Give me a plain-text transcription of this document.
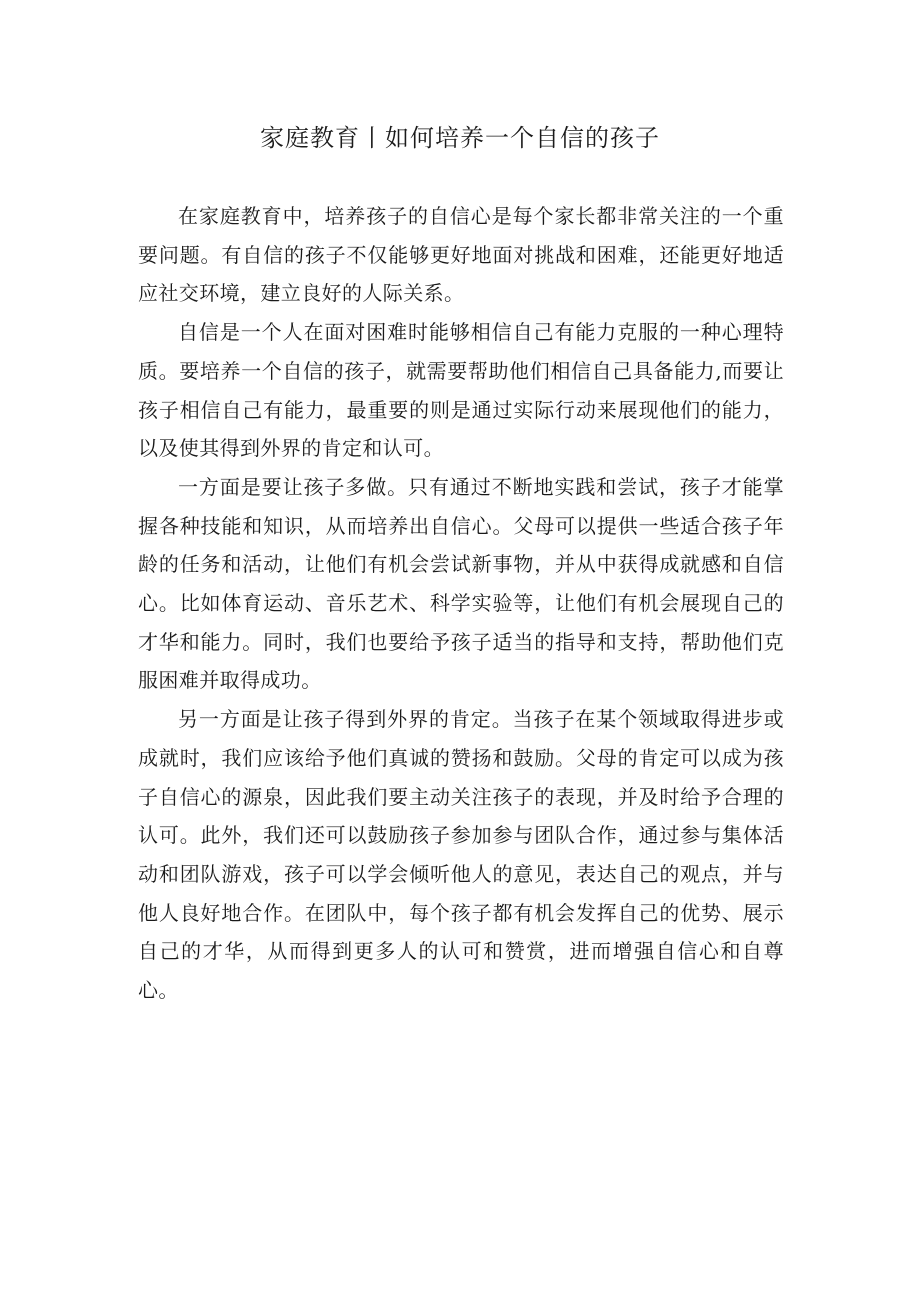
家庭教育丨如何培养一个自信的孩子

在家庭教育中，培养孩子的自信心是每个家长都非常关注的一个重要问题。有自信的孩子不仅能够更好地面对挑战和困难，还能更好地适应社交环境，建立良好的人际关系。

自信是一个人在面对困难时能够相信自己有能力克服的一种心理特质。要培养一个自信的孩子，就需要帮助他们相信自己具备能力,而要让孩子相信自己有能力，最重要的则是通过实际行动来展现他们的能力，以及使其得到外界的肯定和认可。

一方面是要让孩子多做。只有通过不断地实践和尝试，孩子才能掌握各种技能和知识，从而培养出自信心。父母可以提供一些适合孩子年龄的任务和活动，让他们有机会尝试新事物，并从中获得成就感和自信心。比如体育运动、音乐艺术、科学实验等，让他们有机会展现自己的才华和能力。同时，我们也要给予孩子适当的指导和支持，帮助他们克服困难并取得成功。

另一方面是让孩子得到外界的肯定。当孩子在某个领域取得进步或成就时，我们应该给予他们真诚的赞扬和鼓励。父母的肯定可以成为孩子自信心的源泉，因此我们要主动关注孩子的表现，并及时给予合理的认可。此外，我们还可以鼓励孩子参加参与团队合作，通过参与集体活动和团队游戏，孩子可以学会倾听他人的意见，表达自己的观点，并与他人良好地合作。在团队中，每个孩子都有机会发挥自己的优势、展示自己的才华，从而得到更多人的认可和赞赏，进而增强自信心和自尊心。
